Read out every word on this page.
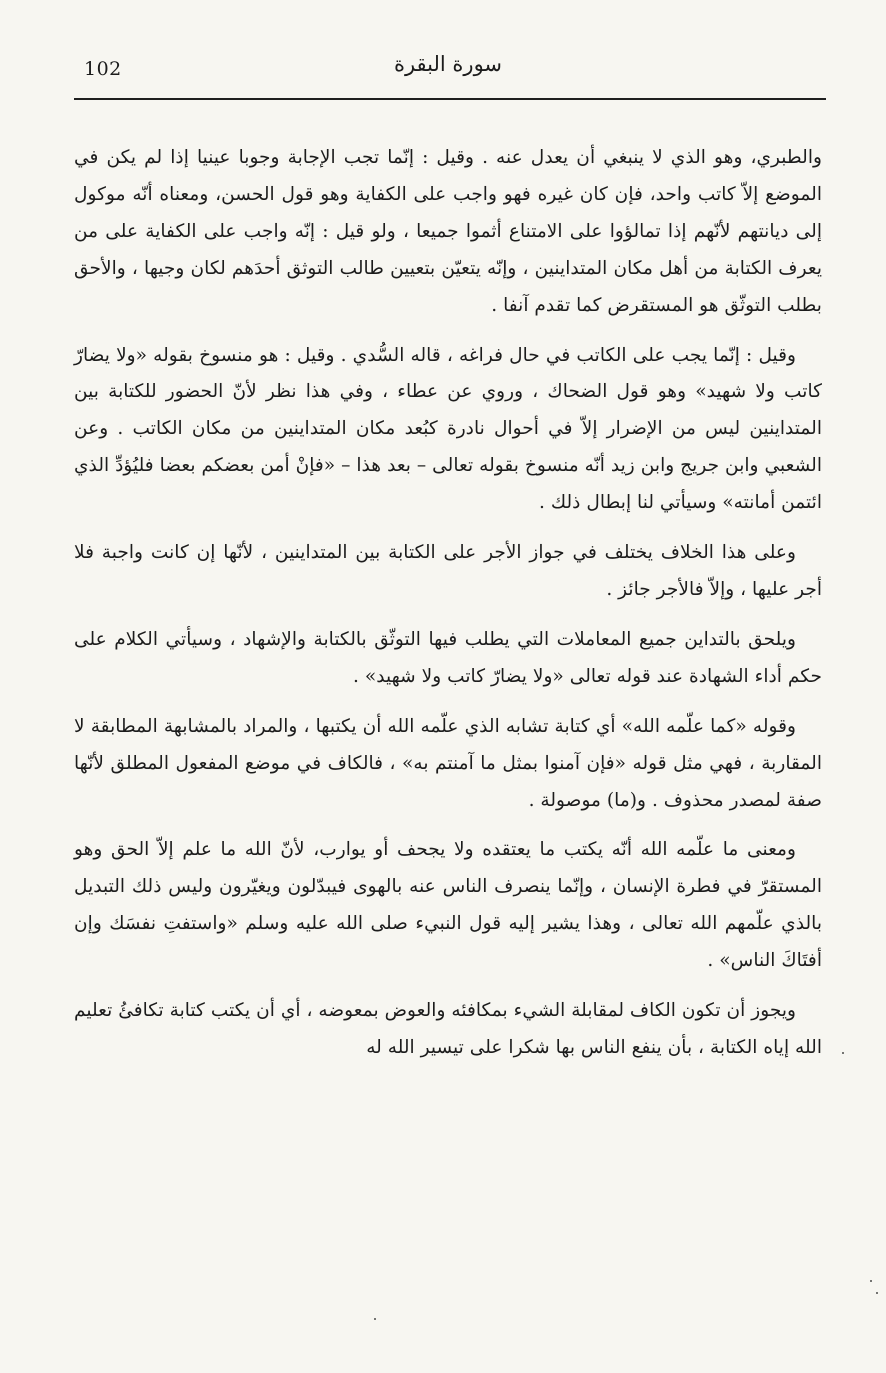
102	سورة البقرة

والطبري، وهو الذي لا ينبغي أن يعدل عنه . وقيل : إنّما تجب الإجابة وجوبا عينيا إذا لم يكن في الموضع إلاّ كاتب واحد، فإن كان غيره فهو واجب على الكفاية وهو قول الحسن، ومعناه أنّه موكول إلى ديانتهم لأنّهم إذا تمالؤوا على الامتناع أثموا جميعا ، ولو قيل : إنّه واجب على الكفاية على من يعرف الكتابة من أهل مكان المتداينين ، وإنّه يتعيّن بتعيين طالب التوثق أحدَهم لكان وجيها ، والأحق بطلب التوثّق هو المستقرض كما تقدم آنفا .

وقيل : إنّما يجب على الكاتب في حال فراغه ، قاله السُّدي . وقيل : هو منسوخ بقوله «ولا يضارّ كاتب ولا شهيد» وهو قول الضحاك ، وروي عن عطاء ، وفي هذا نظر لأنّ الحضور للكتابة بين المتداينين ليس من الإضرار إلاّ في أحوال نادرة كبُعد مكان المتداينين من مكان الكاتب . وعن الشعبي وابن جريج وابن زيد أنّه منسوخ بقوله تعالى – بعد هذا – «فإنْ أمن بعضكم بعضا فليُؤدِّ الذي ائتمن أمانته» وسيأتي لنا إبطال ذلك .

وعلى هذا الخلاف يختلف في جواز الأجر على الكتابة بين المتداينين ، لأنّها إن كانت واجبة فلا أجر عليها ، وإلاّ فالأجر جائز .

ويلحق بالتداين جميع المعاملات التي يطلب فيها التوثّق بالكتابة والإشهاد ، وسيأتي الكلام على حكم أداء الشهادة عند قوله تعالى «ولا يضارّ كاتب ولا شهيد» .

وقوله «كما علّمه الله» أي كتابة تشابه الذي علّمه الله أن يكتبها ، والمراد بالمشابهة المطابقة لا المقاربة ، فهي مثل قوله «فإن آمنوا بمثل ما آمنتم به» ، فالكاف في موضع المفعول المطلق لأنّها صفة لمصدر محذوف . و(ما) موصولة .

ومعنى ما علّمه الله أنّه يكتب ما يعتقده ولا يجحف أو يوارب، لأنّ الله ما علم إلاّ الحق وهو المستقرّ في فطرة الإنسان ، وإنّما ينصرف الناس عنه بالهوى فيبدّلون ويغيّرون وليس ذلك التبديل بالذي علّمهم الله تعالى ، وهذا يشير إليه قول النبيء صلى الله عليه وسلم «واستفتِ نفسَك وإن أفتَاكَ الناس» .

ويجوز أن تكون الكاف لمقابلة الشيء بمكافئه والعوض بمعوضه ، أي أن يكتب كتابة تكافئُ تعليم الله إياه الكتابة ، بأن ينفع الناس بها شكرا على تيسير الله له
